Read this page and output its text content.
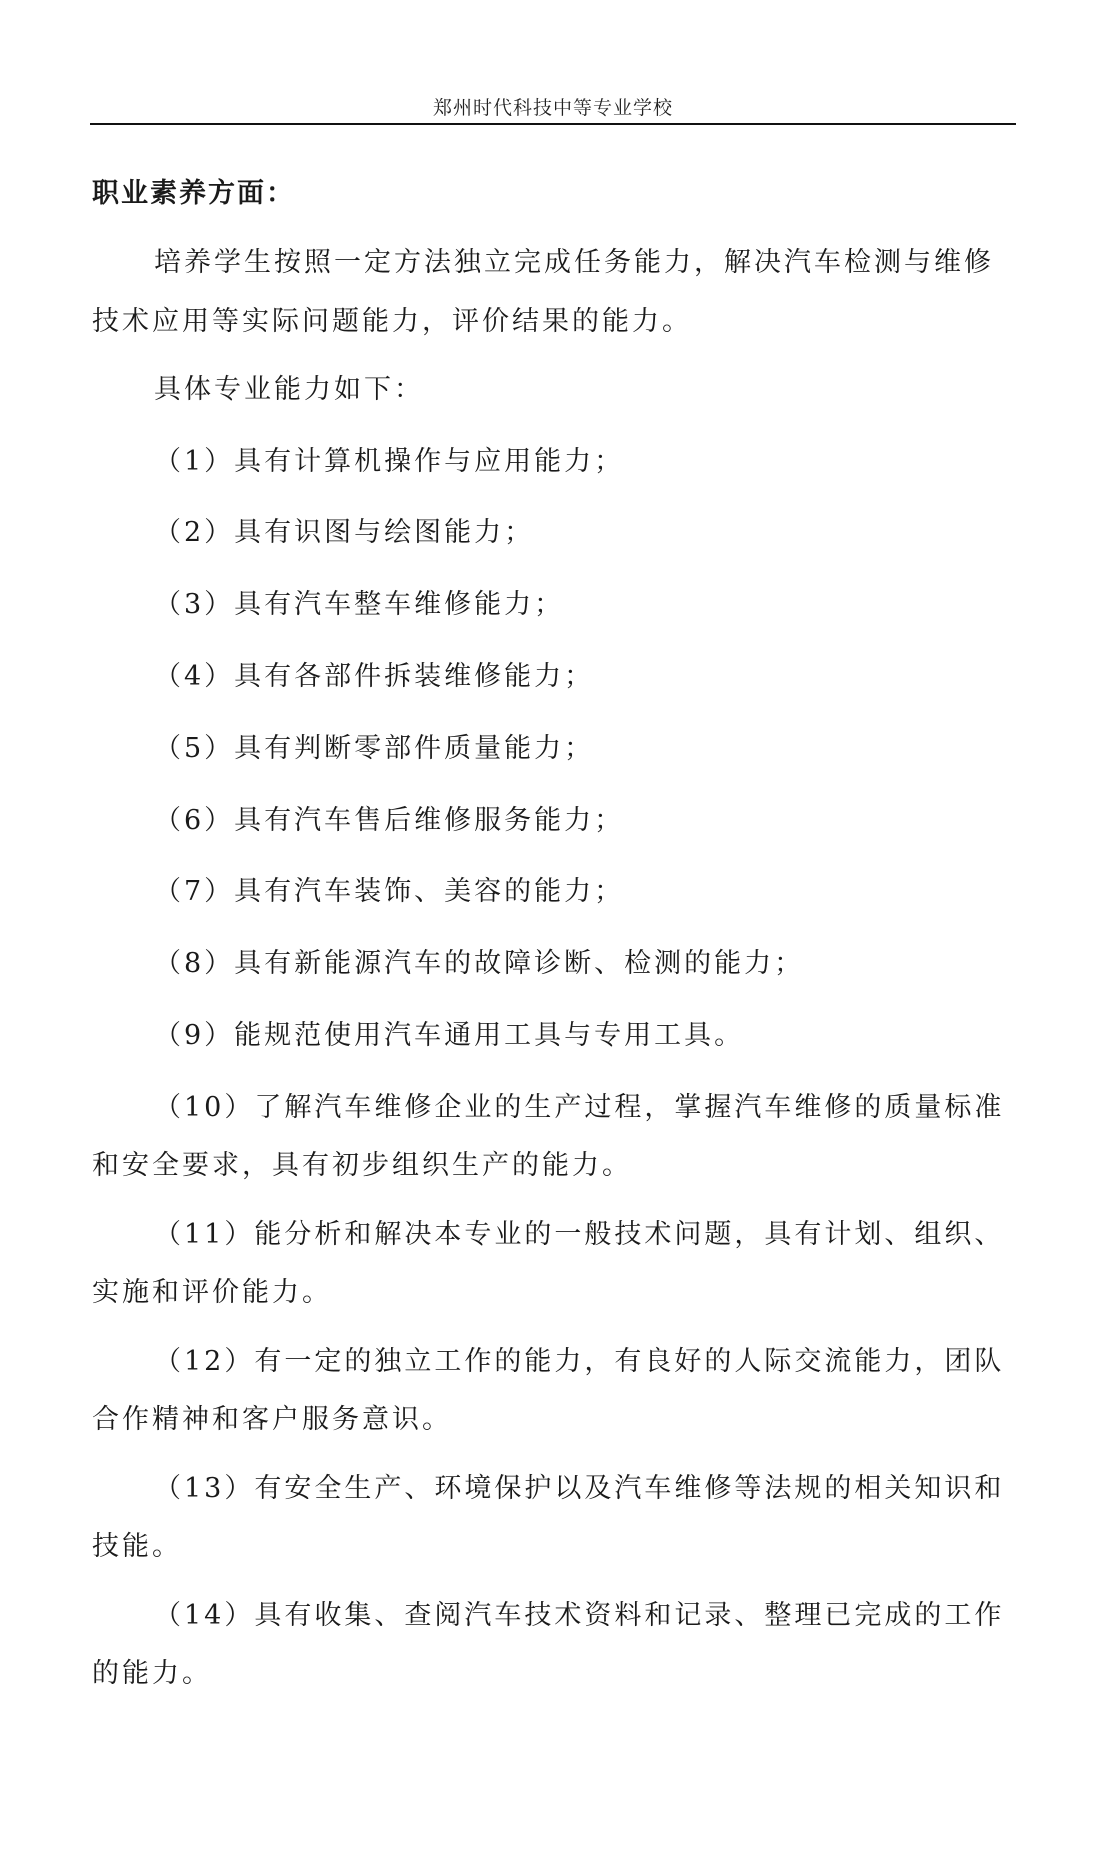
郑州时代科技中等专业学校
职业素养方面：
培养学生按照一定方法独立完成任务能力，解决汽车检测与维修
技术应用等实际问题能力，评价结果的能力。
具体专业能力如下：
（1）具有计算机操作与应用能力；
（2）具有识图与绘图能力；
（3）具有汽车整车维修能力；
（4）具有各部件拆装维修能力；
（5）具有判断零部件质量能力；
（6）具有汽车售后维修服务能力；
（7）具有汽车装饰、美容的能力；
（8）具有新能源汽车的故障诊断、检测的能力；
（9）能规范使用汽车通用工具与专用工具。
（10）了解汽车维修企业的生产过程，掌握汽车维修的质量标准
和安全要求，具有初步组织生产的能力。
（11）能分析和解决本专业的一般技术问题，具有计划、组织、
实施和评价能力。
（12）有一定的独立工作的能力，有良好的人际交流能力，团队
合作精神和客户服务意识。
（13）有安全生产、环境保护以及汽车维修等法规的相关知识和
技能。
（14）具有收集、查阅汽车技术资料和记录、整理已完成的工作
的能力。
